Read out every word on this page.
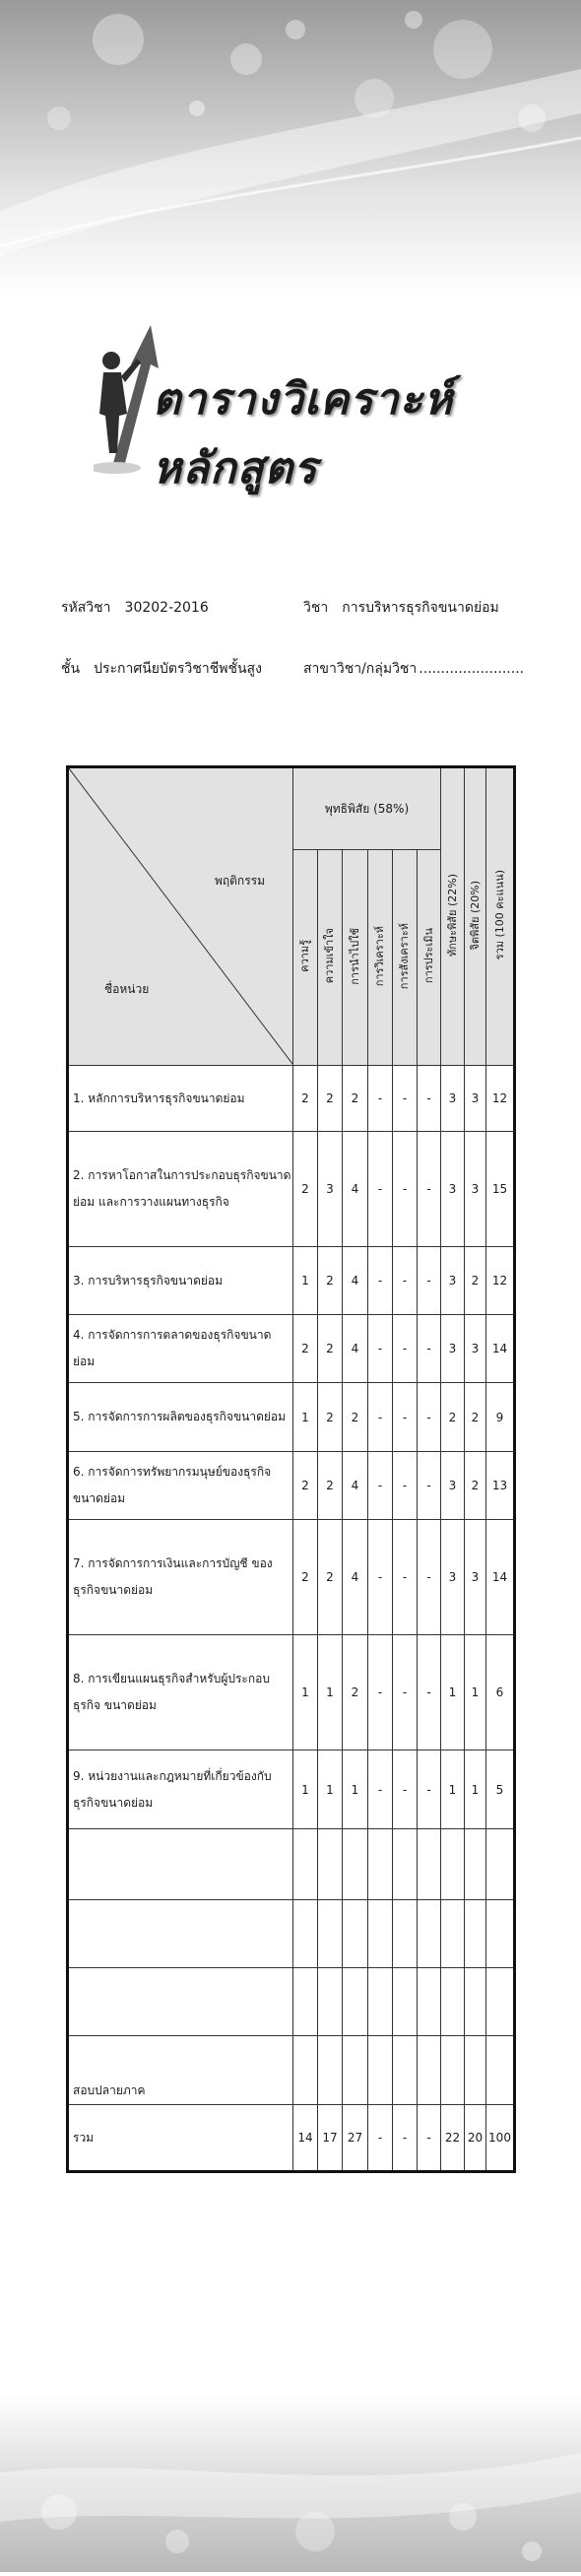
ตารางวิเคราะห์หลักสูตร
รหัสวิชา 30202-2016	วิชา การบริหารธุรกิจขนาดย่อม
ชั้น ประกาศนียบัตรวิชาชีพชั้นสูง	สาขาวิชา/กลุ่มวิชา ........................
พฤติกรรม
ชื่อหน่วย	พุทธิพิสัย (58%)						ทักษะพิสัย (22%)	จิตพิสัย (20%)	รวม (100 คะแนน)
	ความรู้	ความเข้าใจ	การนำไปใช้	การวิเคราะห์	การสังเคราะห์	การประเมิน			
1. หลักการบริหารธุรกิจขนาดย่อม	2	2	2	-	-	-	3	3	12
2. การหาโอกาสในการประกอบธุรกิจขนาดย่อม และการวางแผนทางธุรกิจ	2	3	4	-	-	-	3	3	15
3. การบริหารธุรกิจขนาดย่อม	1	2	4	-	-	-	3	2	12
4. การจัดการการตลาดของธุรกิจขนาดย่อม	2	2	4	-	-	-	3	3	14
5. การจัดการการผลิตของธุรกิจขนาดย่อม	1	2	2	-	-	-	2	2	9
6. การจัดการทรัพยากรมนุษย์ของธุรกิจขนาดย่อม	2	2	4	-	-	-	3	2	13
7. การจัดการการเงินและการบัญชี ของธุรกิจขนาดย่อม	2	2	4	-	-	-	3	3	14
8. การเขียนแผนธุรกิจสำหรับผู้ประกอบธุรกิจ ขนาดย่อม	1	1	2	-	-	-	1	1	6
9. หน่วยงานและกฎหมายที่เกี่ยวข้องกับธุรกิจขนาดย่อม	1	1	1	-	-	-	1	1	5

สอบปลายภาค									
รวม	14	17	27	-	-	-	22	20	100
